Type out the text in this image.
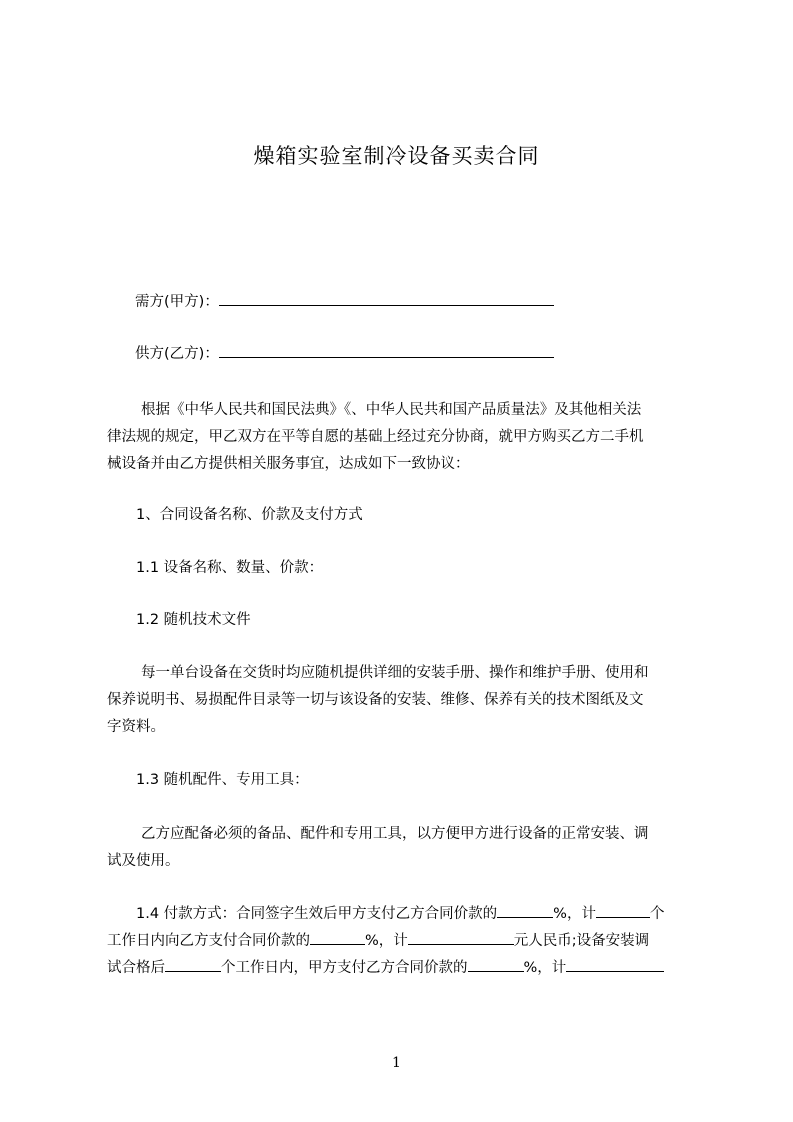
燥箱实验室制冷设备买卖合同
需方(甲方)：
供方(乙方)：
根据《中华人民共和国民法典》《、中华人民共和国产品质量法》及其他相关法
律法规的规定，甲乙双方在平等自愿的基础上经过充分协商，就甲方购买乙方二手机
械设备并由乙方提供相关服务事宜，达成如下一致协议：
1、合同设备名称、价款及支付方式
1.1 设备名称、数量、价款：
1.2 随机技术文件
每一单台设备在交货时均应随机提供详细的安装手册、操作和维护手册、使用和
保养说明书、易损配件目录等一切与该设备的安装、维修、保养有关的技术图纸及文
字资料。
1.3 随机配件、专用工具：
乙方应配备必须的备品、配件和专用工具，以方便甲方进行设备的正常安装、调
试及使用。
1.4 付款方式：合同签字生效后甲方支付乙方合同价款的	%，计	个
工作日内向乙方支付合同价款的	%，计	元人民币;设备安装调
试合格后	个工作日内，甲方支付乙方合同价款的	%，计
1
